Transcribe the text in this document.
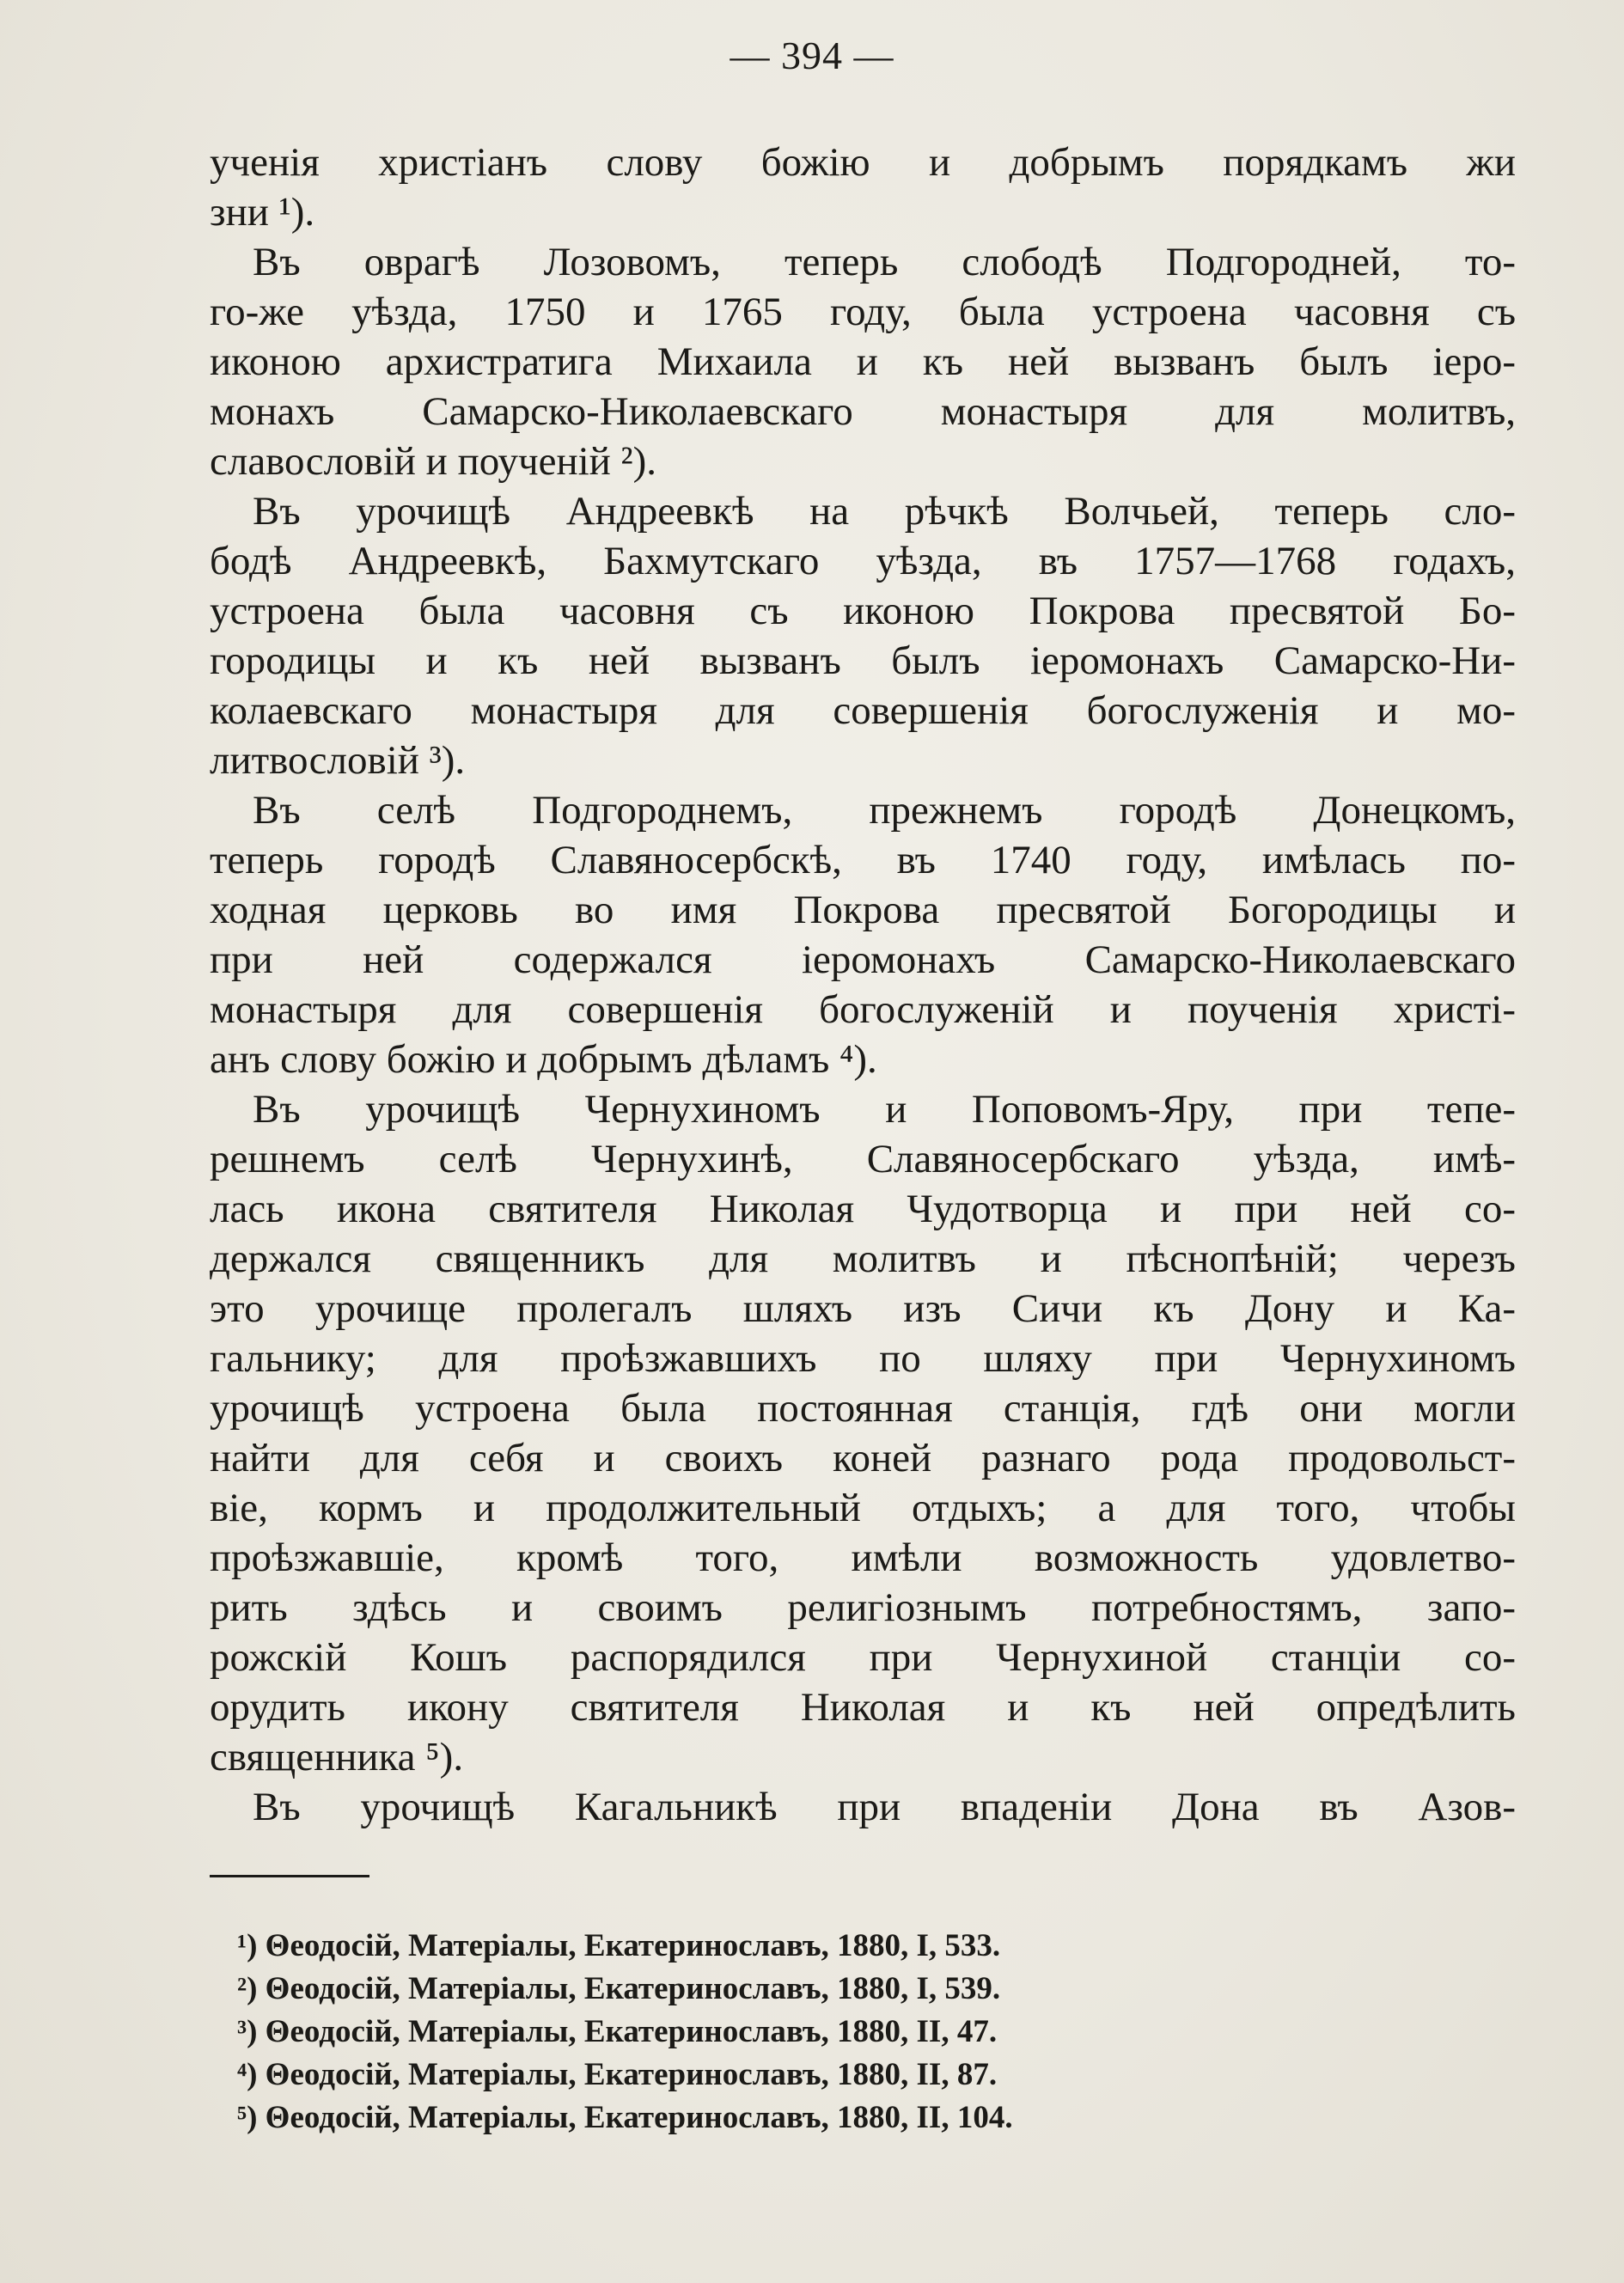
— 394 —
ученія христіанъ слову божію и добрымъ порядкамъ жи
зни ¹).
Въ оврагѣ Лозовомъ, теперь слободѣ Подгородней, то-
го-же уѣзда, 1750 и 1765 году, была устроена часовня съ
иконою архистратига Михаила и къ ней вызванъ былъ іеро-
монахъ Самарско-Николаевскаго монастыря для молитвъ,
славословій и поученій ²).
Въ урочищѣ Андреевкѣ на рѣчкѣ Волчьей, теперь сло-
бодѣ Андреевкѣ, Бахмутскаго уѣзда, въ 1757—1768 годахъ,
устроена была часовня съ иконою Покрова пресвятой Бо-
городицы и къ ней вызванъ былъ іеромонахъ Самарско-Ни-
колаевскаго монастыря для совершенія богослуженія и мо-
литвословій ³).
Въ селѣ Подгороднемъ, прежнемъ городѣ Донецкомъ,
теперь городѣ Славяносербскѣ, въ 1740 году, имѣлась по-
ходная церковь во имя Покрова пресвятой Богородицы и
при ней содержался іеромонахъ Самарско-Николаевскаго
монастыря для совершенія богослуженій и поученія христі-
анъ слову божію и добрымъ дѣламъ ⁴).
Въ урочищѣ Чернухиномъ и Поповомъ-Яру, при тепе-
решнемъ селѣ Чернухинѣ, Славяносербскаго уѣзда, имѣ-
лась икона святителя Николая Чудотворца и при ней со-
держался священникъ для молитвъ и пѣснопѣній; черезъ
это урочище пролегалъ шляхъ изъ Сичи къ Дону и Ка-
гальнику; для проѣзжавшихъ по шляху при Чернухиномъ
урочищѣ устроена была постоянная станція, гдѣ они могли
найти для себя и своихъ коней разнаго рода продовольст-
віе, кормъ и продолжительный отдыхъ; а для того, чтобы
проѣзжавшіе, кромѣ того, имѣли возможность удовлетво-
рить здѣсь и своимъ религіознымъ потребностямъ, запо-
рожскій Кошъ распорядился при Чернухиной станціи со-
орудить икону святителя Николая и къ ней опредѣлить
священника ⁵).
Въ урочищѣ Кагальникѣ при впаденіи Дона въ Азов-
¹) Θеодосій, Матеріалы, Екатеринославъ, 1880, I, 533.
²) Θеодосій, Матеріалы, Екатеринославъ, 1880, I, 539.
³) Θеодосій, Матеріалы, Екатеринославъ, 1880, II, 47.
⁴) Θеодосій, Матеріалы, Екатеринославъ, 1880, II, 87.
⁵) Θеодосій, Матеріалы, Екатеринославъ, 1880, II, 104.
